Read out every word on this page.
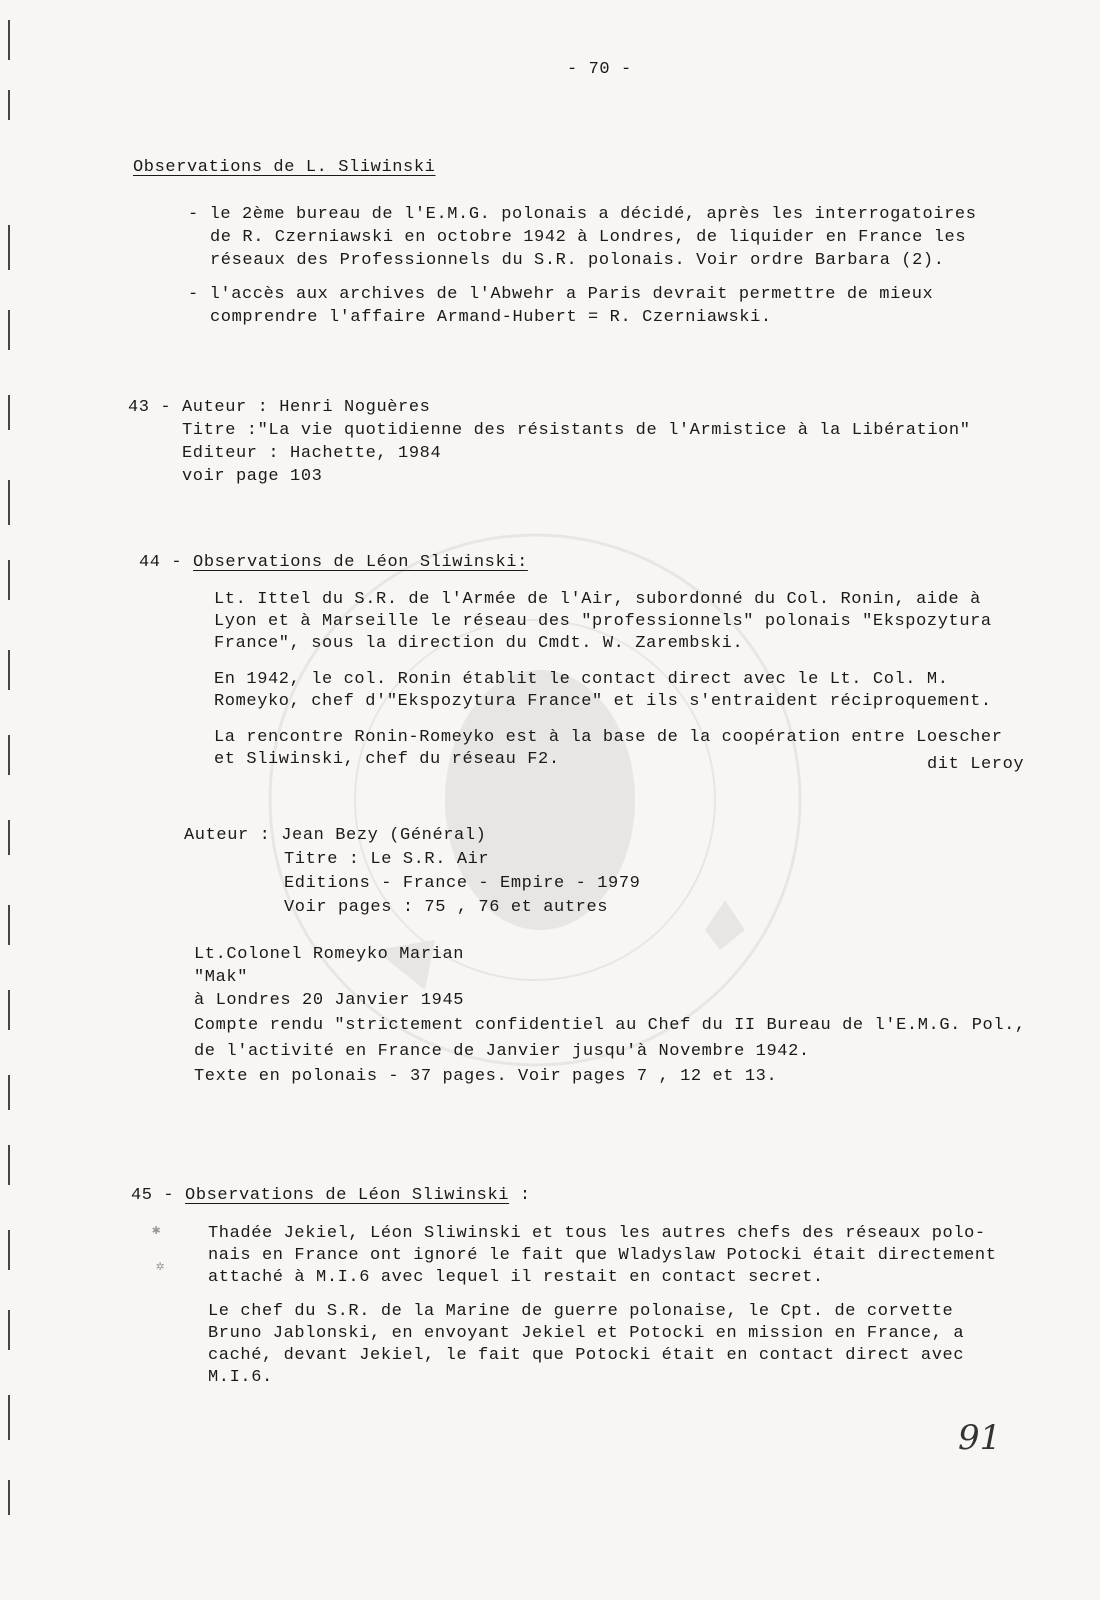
- 70 -
Observations de L. Sliwinski
- le 2ème bureau de l'E.M.G. polonais a décidé, après les interrogatoires
de R. Czerniawski en octobre 1942 à Londres, de liquider en France les
réseaux des Professionnels du S.R. polonais. Voir ordre Barbara (2).
- l'accès aux archives de l'Abwehr a Paris devrait permettre de mieux
comprendre l'affaire Armand-Hubert = R. Czerniawski.
43 - Auteur : Henri Noguères
Titre :"La vie quotidienne des résistants de l'Armistice à la Libération"
Editeur : Hachette, 1984
voir page 103
44 - Observations de Léon Sliwinski:
Lt. Ittel du S.R. de l'Armée de l'Air, subordonné du Col. Ronin, aide à
Lyon et à Marseille le réseau des "professionnels" polonais "Ekspozytura
France", sous la direction du Cmdt. W. Zarembski.
En 1942, le col. Ronin établit le contact direct avec le Lt. Col. M.
Romeyko, chef d'"Ekspozytura France" et ils s'entraident réciproquement.
La rencontre Ronin-Romeyko est à la base de la coopération entre Loescher
et Sliwinski, chef du réseau F2.	dit Leroy
Auteur : Jean Bezy (Général)
Titre : Le S.R. Air
Editions - France - Empire - 1979
Voir pages : 75 , 76 et autres
Lt.Colonel Romeyko Marian
"Mak"
à Londres 20 Janvier 1945
Compte rendu "strictement confidentiel au Chef du II Bureau de l'E.M.G. Pol.,
de l'activité en France de Janvier jusqu'à Novembre 1942.
Texte en polonais - 37 pages. Voir pages 7 , 12 et 13.
45 - Observations de Léon Sliwinski :
✱
✲
Thadée Jekiel, Léon Sliwinski et tous les autres chefs des réseaux polo-
nais en France ont ignoré le fait que Wladyslaw Potocki était directement
attaché à M.I.6 avec lequel il restait en contact secret.
Le chef du S.R. de la Marine de guerre polonaise, le Cpt. de corvette
Bruno Jablonski, en envoyant Jekiel et Potocki en mission en France, a
caché, devant Jekiel, le fait que Potocki était en contact direct avec
M.I.6.
91
